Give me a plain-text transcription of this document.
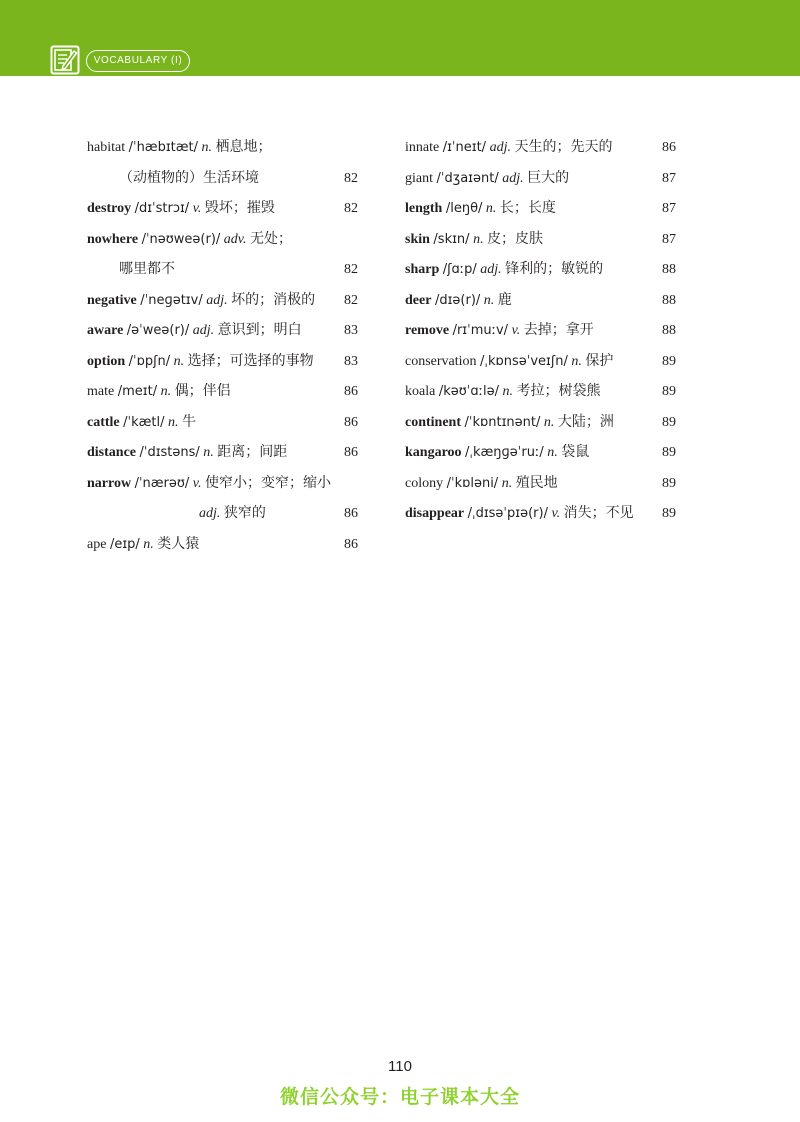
VOCABULARY (I)
habitat /ˈhæbɪtæt/ n. 栖息地；
（动植物的）生活环境	82
destroy /dɪˈstrɔɪ/ v. 毁坏；摧毁	82
nowhere /ˈnəʊweə(r)/ adv. 无处；
哪里都不	82
negative /ˈneɡətɪv/ adj. 坏的；消极的 82
aware /əˈweə(r)/ adj. 意识到；明白	83
option /ˈɒpʃn/ n. 选择；可选择的事物 83
mate /meɪt/ n. 偶；伴侣	86
cattle /ˈkætl/ n. 牛	86
distance /ˈdɪstəns/ n. 距离；间距	86
narrow /ˈnærəʊ/ v. 使窄小；变窄；缩小
adj. 狭窄的	86
ape /eɪp/ n. 类人猿	86
innate /ɪˈneɪt/ adj. 天生的；先天的	86
giant /ˈdʒaɪənt/ adj. 巨大的	87
length /leŋθ/ n. 长；长度	87
skin /skɪn/ n. 皮；皮肤	87
sharp /ʃɑːp/ adj. 锋利的；敏锐的	88
deer /dɪə(r)/ n. 鹿	88
remove /rɪˈmuːv/ v. 去掉；拿开	88
conservation /ˌkɒnsəˈveɪʃn/ n. 保护	89
koala /kəʊˈɑːlə/ n. 考拉；树袋熊	89
continent /ˈkɒntɪnənt/ n. 大陆；洲	89
kangaroo /ˌkæŋɡəˈruː/ n. 袋鼠	89
colony /ˈkɒləni/ n. 殖民地	89
disappear /ˌdɪsəˈpɪə(r)/ v. 消失；不见 89
110
微信公众号：电子课本大全
